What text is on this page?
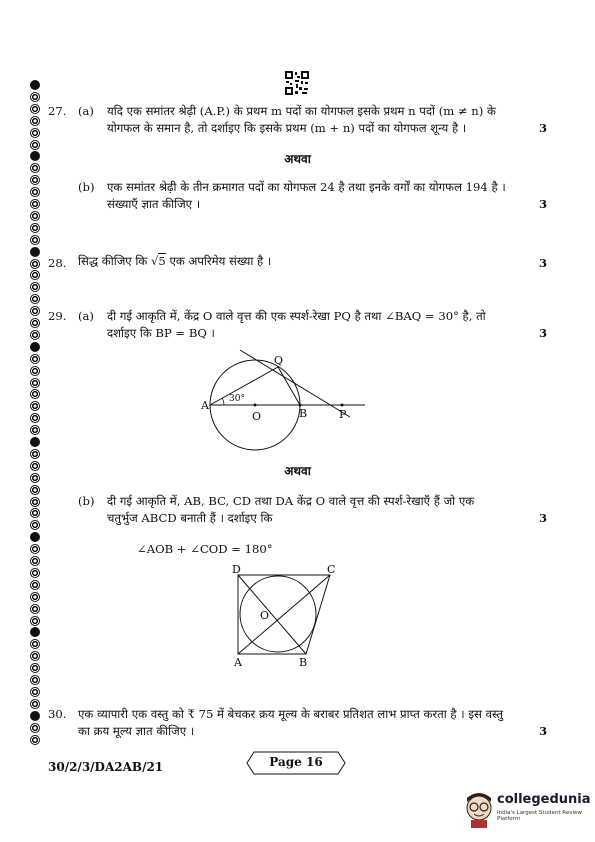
27. (a) यदि एक समांतर श्रेढ़ी (A.P.) के प्रथम m पदों का योगफल इसके प्रथम n पदों (m ≠ n) के
योगफल के समान है, तो दर्शाइए कि इसके प्रथम (m + n) पदों का योगफल शून्य है ।	3
अथवा
(b) एक समांतर श्रेढ़ी के तीन क्रमागत पदों का योगफल 24 है तथा इनके वर्गों का योगफल 194 है ।
संख्याएँ ज्ञात कीजिए ।	3
28. सिद्ध कीजिए कि √5 एक अपरिमेय संख्या है ।	3
29. (a) दी गई आकृति में, केंद्र O वाले वृत्त की एक स्पर्श-रेखा PQ है तथा ∠BAQ = 30° है, तो
दर्शाइए कि BP = BQ ।	3
A 30°
O	B	P
Q
अथवा
(b) दी गई आकृति में, AB, BC, CD तथा DA केंद्र O वाले वृत्त की स्पर्श-रेखाएँ हैं जो एक
चतुर्भुज ABCD बनाती हैं । दर्शाइए कि	3
∠AOB + ∠COD = 180°
D	C
O
A	B
30. एक व्यापारी एक वस्तु को ₹ 75 में बेचकर क्रय मूल्य के बराबर प्रतिशत लाभ प्राप्त करता है । इस वस्तु
का क्रय मूल्य ज्ञात कीजिए ।	3
30/2/3/DA2AB/21	Page 16
collegedunia
India's Largest Student Review Platform
